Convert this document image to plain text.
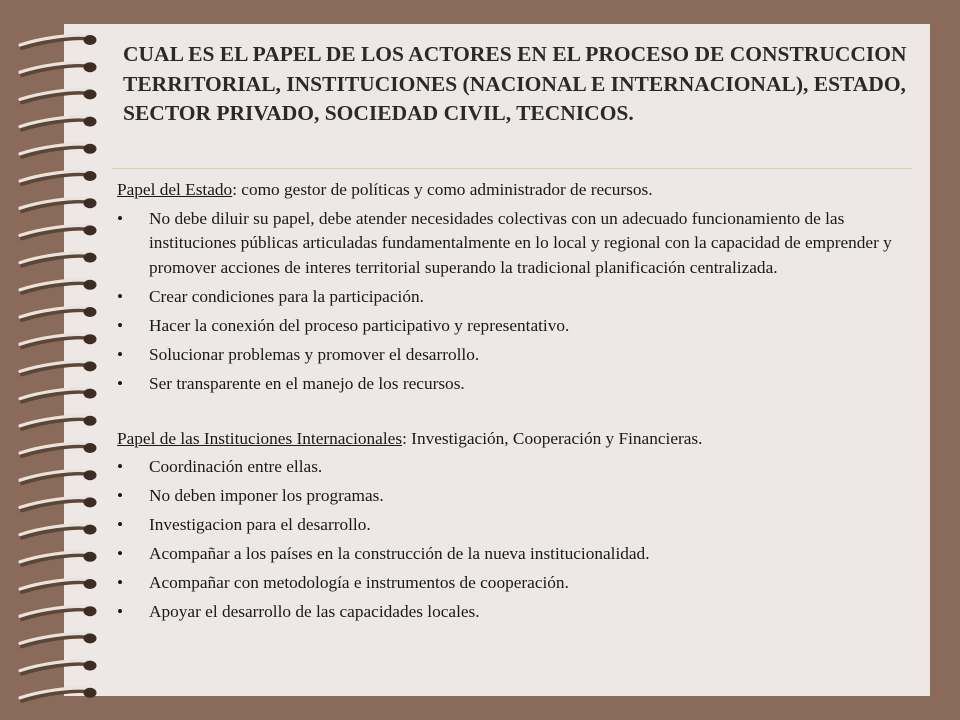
CUAL ES EL PAPEL DE LOS ACTORES EN EL PROCESO DE CONSTRUCCION TERRITORIAL, INSTITUCIONES (NACIONAL E INTERNACIONAL), ESTADO, SECTOR PRIVADO, SOCIEDAD CIVIL, TECNICOS.

Papel del Estado: como gestor de políticas y como administrador de recursos.

• No debe diluir su papel, debe atender necesidades colectivas con un adecuado funcionamiento de las instituciones públicas articuladas fundamentalmente en lo local y regional con la capacidad de emprender y promover acciones de interes territorial superando la tradicional planificación centralizada.
• Crear condiciones para la participación.
• Hacer la conexión del proceso participativo y representativo.
• Solucionar problemas y promover el desarrollo.
• Ser transparente en el manejo de los recursos.

Papel de las Instituciones Internacionales: Investigación, Cooperación y Financieras.

• Coordinación entre ellas.
• No deben imponer los programas.
• Investigacion para el desarrollo.
• Acompañar a los países en la construcción de la nueva institucionalidad.
• Acompañar con metodología e instrumentos de cooperación.
• Apoyar el desarrollo de las capacidades locales.
